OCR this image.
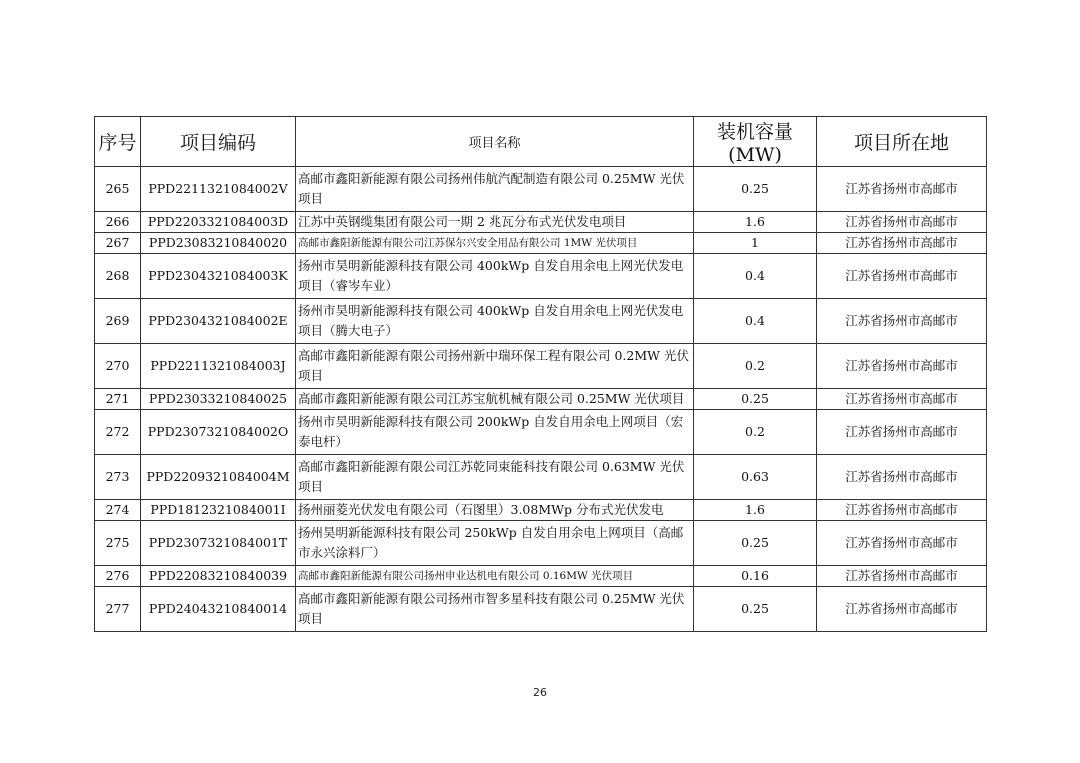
序号	项目编码	项目名称	装机容量(MW)	项目所在地
265	PPD2211321084002V	高邮市鑫阳新能源有限公司扬州伟航汽配制造有限公司 0.25MW 光伏项目	0.25	江苏省扬州市高邮市
266	PPD2203321084003D	江苏中英钢缆集团有限公司一期 2 兆瓦分布式光伏发电项目	1.6	江苏省扬州市高邮市
267	PPD23083210840020	高邮市鑫阳新能源有限公司江苏保尔兴安全用品有限公司 1MW 光伏项目	1	江苏省扬州市高邮市
268	PPD2304321084003K	扬州市昊明新能源科技有限公司 400kWp 自发自用余电上网光伏发电项目（睿岑车业）	0.4	江苏省扬州市高邮市
269	PPD2304321084002E	扬州市昊明新能源科技有限公司 400kWp 自发自用余电上网光伏发电项目（腾大电子）	0.4	江苏省扬州市高邮市
270	PPD2211321084003J	高邮市鑫阳新能源有限公司扬州新中瑞环保工程有限公司 0.2MW 光伏项目	0.2	江苏省扬州市高邮市
271	PPD23033210840025	高邮市鑫阳新能源有限公司江苏宝航机械有限公司 0.25MW 光伏项目	0.25	江苏省扬州市高邮市
272	PPD2307321084002O	扬州市昊明新能源科技有限公司 200kWp 自发自用余电上网项目（宏泰电杆）	0.2	江苏省扬州市高邮市
273	PPD2209321084004M	高邮市鑫阳新能源有限公司江苏乾同束能科技有限公司 0.63MW 光伏项目	0.63	江苏省扬州市高邮市
274	PPD1812321084001I	扬州丽菱光伏发电有限公司（石图里）3.08MWp 分布式光伏发电	1.6	江苏省扬州市高邮市
275	PPD2307321084001T	扬州昊明新能源科技有限公司 250kWp 自发自用余电上网项目（高邮市永兴涂料厂）	0.25	江苏省扬州市高邮市
276	PPD22083210840039	高邮市鑫阳新能源有限公司扬州申业达机电有限公司 0.16MW 光伏项目	0.16	江苏省扬州市高邮市
277	PPD24043210840014	高邮市鑫阳新能源有限公司扬州市智多星科技有限公司 0.25MW 光伏项目	0.25	江苏省扬州市高邮市
26
